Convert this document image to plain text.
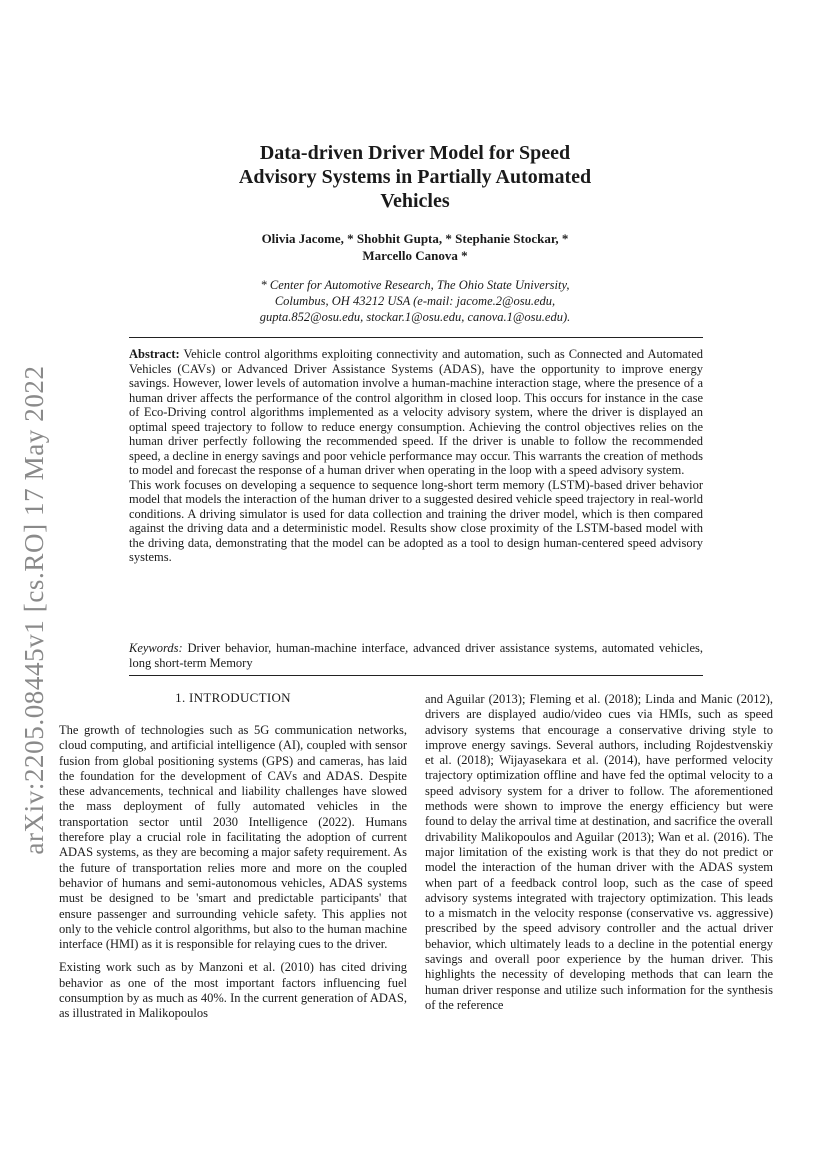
arXiv:2205.08445v1 [cs.RO] 17 May 2022
Data-driven Driver Model for Speed
Advisory Systems in Partially Automated
Vehicles
Olivia Jacome, * Shobhit Gupta, * Stephanie Stockar, *
Marcello Canova *
* Center for Automotive Research, The Ohio State University,
Columbus, OH 43212 USA (e-mail: jacome.2@osu.edu,
gupta.852@osu.edu, stockar.1@osu.edu, canova.1@osu.edu).

Abstract: Vehicle control algorithms exploiting connectivity and automation, such as Connected and Automated Vehicles (CAVs) or Advanced Driver Assistance Systems (ADAS), have the opportunity to improve energy savings. However, lower levels of automation involve a human-machine interaction stage, where the presence of a human driver affects the performance of the control algorithm in closed loop. This occurs for instance in the case of Eco-Driving control algorithms implemented as a velocity advisory system, where the driver is displayed an optimal speed trajectory to follow to reduce energy consumption. Achieving the control objectives relies on the human driver perfectly following the recommended speed. If the driver is unable to follow the recommended speed, a decline in energy savings and poor vehicle performance may occur. This warrants the creation of methods to model and forecast the response of a human driver when operating in the loop with a speed advisory system.

This work focuses on developing a sequence to sequence long-short term memory (LSTM)-based driver behavior model that models the interaction of the human driver to a suggested desired vehicle speed trajectory in real-world conditions. A driving simulator is used for data collection and training the driver model, which is then compared against the driving data and a deterministic model. Results show close proximity of the LSTM-based model with the driving data, demonstrating that the model can be adopted as a tool to design human-centered speed advisory systems.

Keywords: Driver behavior, human-machine interface, advanced driver assistance systems, automated vehicles, long short-term Memory
1. INTRODUCTION

The growth of technologies such as 5G communication networks, cloud computing, and artificial intelligence (AI), coupled with sensor fusion from global positioning systems (GPS) and cameras, has laid the foundation for the development of CAVs and ADAS. Despite these advancements, technical and liability challenges have slowed the mass deployment of fully automated vehicles in the transportation sector until 2030 Intelligence (2022). Humans therefore play a crucial role in facilitating the adoption of current ADAS systems, as they are becoming a major safety requirement. As the future of transportation relies more and more on the coupled behavior of humans and semi-autonomous vehicles, ADAS systems must be designed to be 'smart and predictable participants' that ensure passenger and surrounding vehicle safety. This applies not only to the vehicle control algorithms, but also to the human machine interface (HMI) as it is responsible for relaying cues to the driver.

Existing work such as by Manzoni et al. (2010) has cited driving behavior as one of the most important factors influencing fuel consumption by as much as 40%. In the current generation of ADAS, as illustrated in Malikopoulos

and Aguilar (2013); Fleming et al. (2018); Linda and Manic (2012), drivers are displayed audio/video cues via HMIs, such as speed advisory systems that encourage a conservative driving style to improve energy savings. Several authors, including Rojdestvenskiy et al. (2018); Wijayasekara et al. (2014), have performed velocity trajectory optimization offline and have fed the optimal velocity to a speed advisory system for a driver to follow. The aforementioned methods were shown to improve the energy efficiency but were found to delay the arrival time at destination, and sacrifice the overall drivability Malikopoulos and Aguilar (2013); Wan et al. (2016). The major limitation of the existing work is that they do not predict or model the interaction of the human driver with the ADAS system when part of a feedback control loop, such as the case of speed advisory systems integrated with trajectory optimization. This leads to a mismatch in the velocity response (conservative vs. aggressive) prescribed by the speed advisory controller and the actual driver behavior, which ultimately leads to a decline in the potential energy savings and overall poor experience by the human driver. This highlights the necessity of developing methods that can learn the human driver response and utilize such information for the synthesis of the reference
